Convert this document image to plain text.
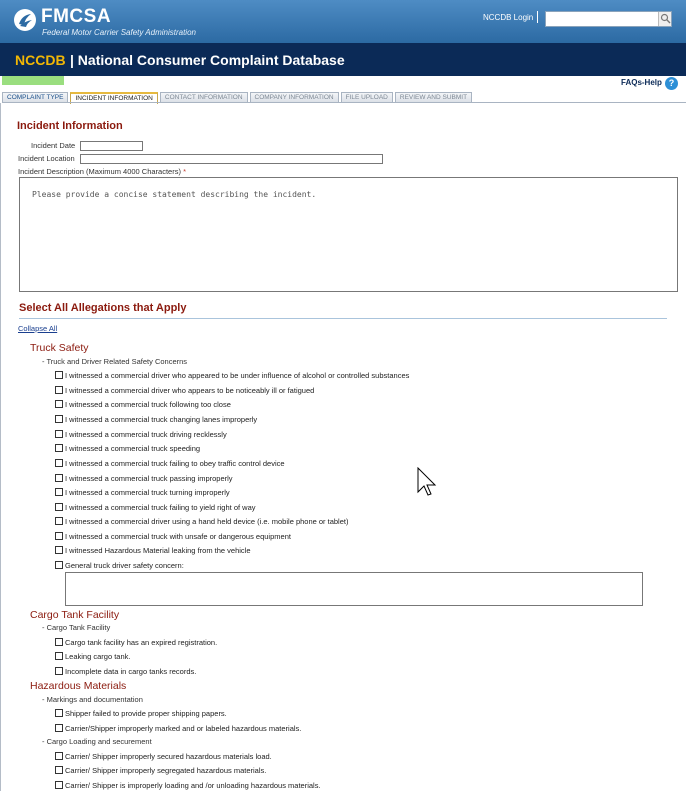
FMCSA
Federal Motor Carrier Safety Administration
NCCDB Login
NCCDB | National Consumer Complaint Database
FAQs-Help ?
COMPLAINT TYPE	INCIDENT INFORMATION	CONTACT INFORMATION	COMPANY INFORMATION	FILE UPLOAD	REVIEW AND SUBMIT
Incident Information
Incident Date
Incident Location
Incident Description (Maximum 4000 Characters) *
Please provide a concise statement describing the incident.
Select All Allegations that Apply
Collapse All
Truck Safety
- Truck and Driver Related Safety Concerns
I witnessed a commercial driver who appeared to be under influence of alcohol or controlled substances
I witnessed a commercial driver who appears to be noticeably ill or fatigued
I witnessed a commercial truck following too close
I witnessed a commercial truck changing lanes improperly
I witnessed a commercial truck driving recklessly
I witnessed a commercial truck speeding
I witnessed a commercial truck failing to obey traffic control device
I witnessed a commercial truck passing improperly
I witnessed a commercial truck turning improperly
I witnessed a commercial truck failing to yield right of way
I witnessed a commercial driver using a hand held device (i.e. mobile phone or tablet)
I witnessed a commercial truck with unsafe or dangerous equipment
I witnessed Hazardous Material leaking from the vehicle
General truck driver safety concern:
Cargo Tank Facility
- Cargo Tank Facility
Cargo tank facility has an expired registration.
Leaking cargo tank.
Incomplete data in cargo tanks records.
Hazardous Materials
- Markings and documentation
Shipper failed to provide proper shipping papers.
Carrier/Shipper improperly marked and or labeled hazardous materials.
- Cargo Loading and securement
Carrier/ Shipper improperly secured hazardous materials load.
Carrier/ Shipper improperly segregated hazardous materials.
Carrier/ Shipper is improperly loading and /or unloading hazardous materials.
